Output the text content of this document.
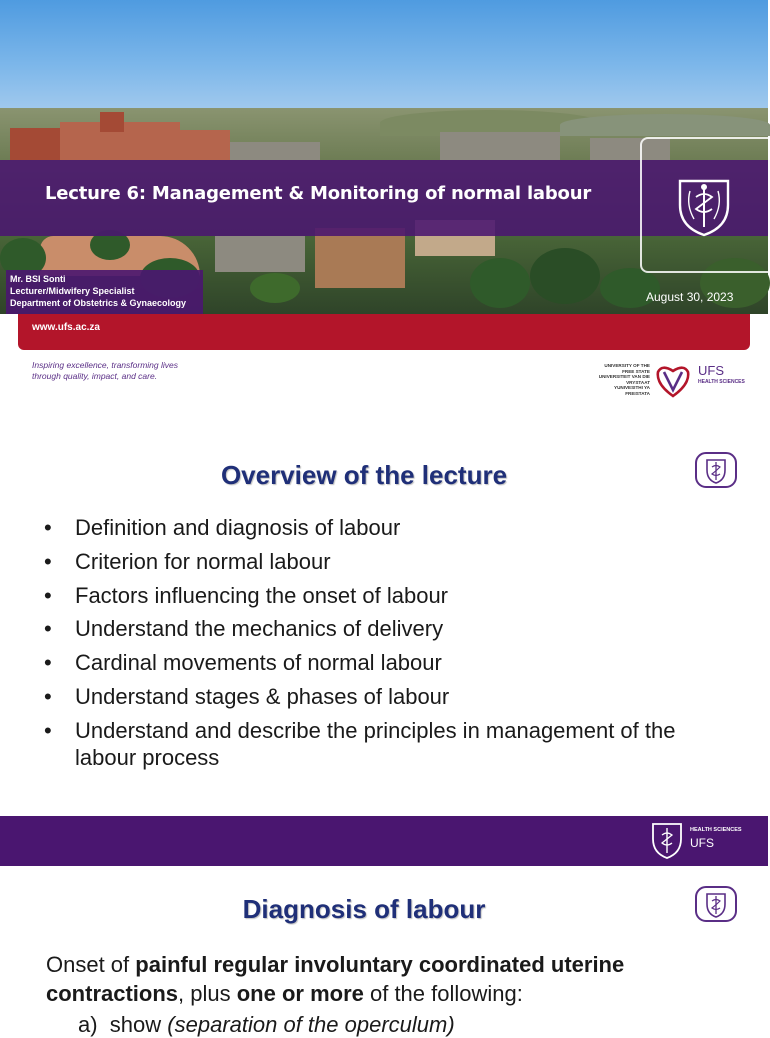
Lecture 6: Management & Monitoring of normal labour
Mr. BSI Sonti
Lecturer/Midwifery Specialist
Department of Obstetrics & Gynaecology	August 30, 2023
www.ufs.ac.za
Inspiring excellence, transforming lives
through quality, impact, and care.
UNIVERSITY OF THE
FREE STATE
UNIVERSITEIT VAN DIE
VRYSTAAT
YUNIVESITHI YA
FREISTATA
UFS
HEALTH SCIENCES
Overview of the lecture
• Definition and diagnosis of labour
• Criterion for normal labour
• Factors influencing the onset of labour
• Understand the mechanics of delivery
• Cardinal movements of normal labour
• Understand stages & phases of labour
• Understand and describe the principles in management of the labour process
HEALTH SCIENCES
UFS
Diagnosis of labour
Onset of painful regular involuntary coordinated uterine contractions, plus one or more of the following:
a) show (separation of the operculum)
